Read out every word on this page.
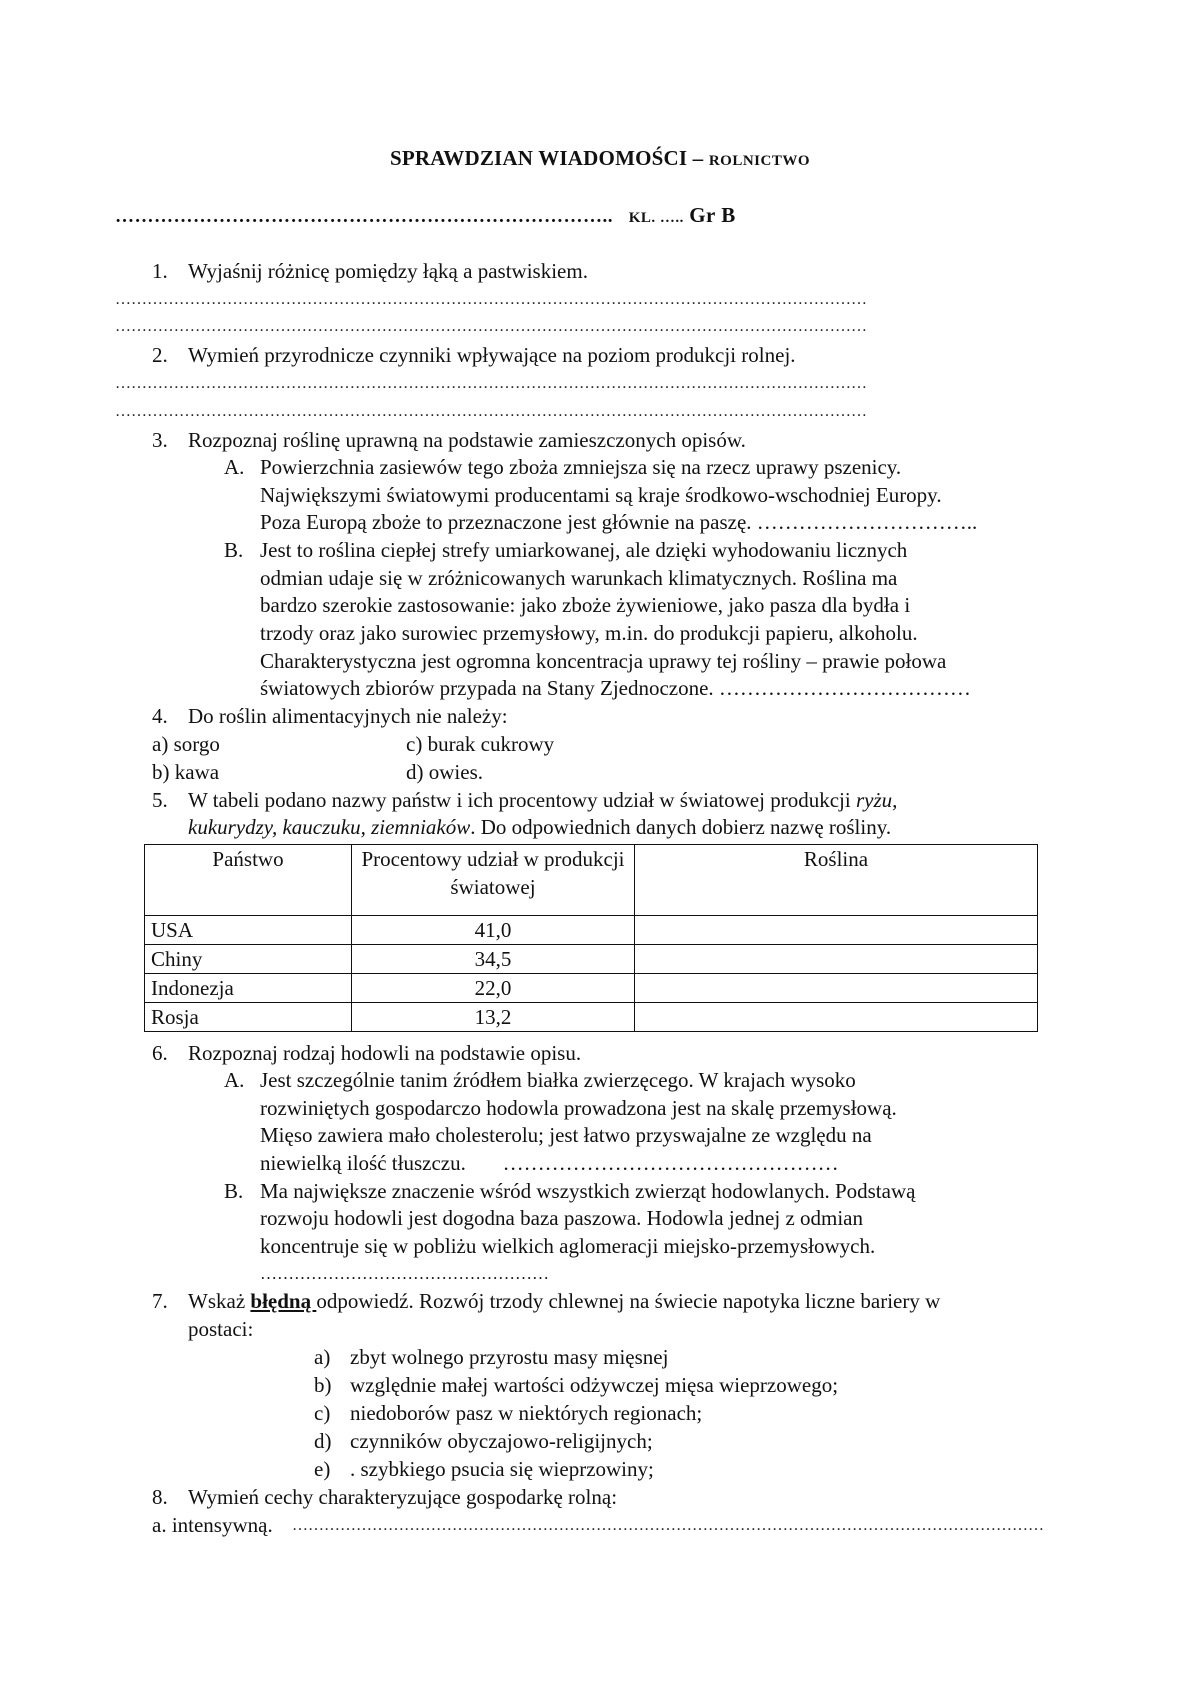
SPRAWDZIAN WIADOMOŚCI – ROLNICTWO
………………………………………………………………….. KL. ….. Gr B
1. Wyjaśnij różnicę pomiędzy łąką a pastwiskiem.
……………………………………………………………………………………………………………………………
……………………………………………………………………………………………………………………………
2. Wymień przyrodnicze czynniki wpływające na poziom produkcji rolnej.
……………………………………………………………………………………………………………………………
……………………………………………………………………………………………………………………………
3. Rozpoznaj roślinę uprawną na podstawie zamieszczonych opisów.
A. Powierzchnia zasiewów tego zboża zmniejsza się na rzecz uprawy pszenicy.
Największymi światowymi producentami są kraje środkowo-wschodniej Europy.
Poza Europą zboże to przeznaczone jest głównie na paszę. …………………………..
B. Jest to roślina ciepłej strefy umiarkowanej, ale dzięki wyhodowaniu licznych
odmian udaje się w zróżnicowanych warunkach klimatycznych. Roślina ma
bardzo szerokie zastosowanie: jako zboże żywieniowe, jako pasza dla bydła i
trzody oraz jako surowiec przemysłowy, m.in. do produkcji papieru, alkoholu.
Charakterystyczna jest ogromna koncentracja uprawy tej rośliny – prawie połowa
światowych zbiorów przypada na Stany Zjednoczone. ………………………………
4. Do roślin alimentacyjnych nie należy:
a) sorgo	c) burak cukrowy
b) kawa	d) owies.
5. W tabeli podano nazwy państw i ich procentowy udział w światowej produkcji ryżu,
kukurydzy, kauczuku, ziemniaków. Do odpowiednich danych dobierz nazwę rośliny.
Państwo	Procentowy udział w produkcji światowej	Roślina
USA	41,0	
Chiny	34,5	
Indonezja	22,0	
Rosja	13,2	
6. Rozpoznaj rodzaj hodowli na podstawie opisu.
A. Jest szczególnie tanim źródłem białka zwierzęcego. W krajach wysoko
rozwiniętych gospodarczo hodowla prowadzona jest na skalę przemysłową.
Mięso zawiera mało cholesterolu; jest łatwo przyswajalne ze względu na
niewielką ilość tłuszczu.       …………………………………………
B. Ma największe znaczenie wśród wszystkich zwierząt hodowlanych. Podstawą
rozwoju hodowli jest dogodna baza paszowa. Hodowla jednej z odmian
koncentruje się w pobliżu wielkich aglomeracji miejsko-przemysłowych.
……………………………………………
7. Wskaż błędną odpowiedź. Rozwój trzody chlewnej na świecie napotyka liczne bariery w
postaci:
a) zbyt wolnego przyrostu masy mięsnej
b) względnie małej wartości odżywczej mięsa wieprzowego;
c) niedoborów pasz w niektórych regionach;
d) czynników obyczajowo-religijnych;
e) . szybkiego psucia się wieprzowiny;
8. Wymień cechy charakteryzujące gospodarkę rolną:
a. intensywną. ……………………………………………………………………………………………………………………………
